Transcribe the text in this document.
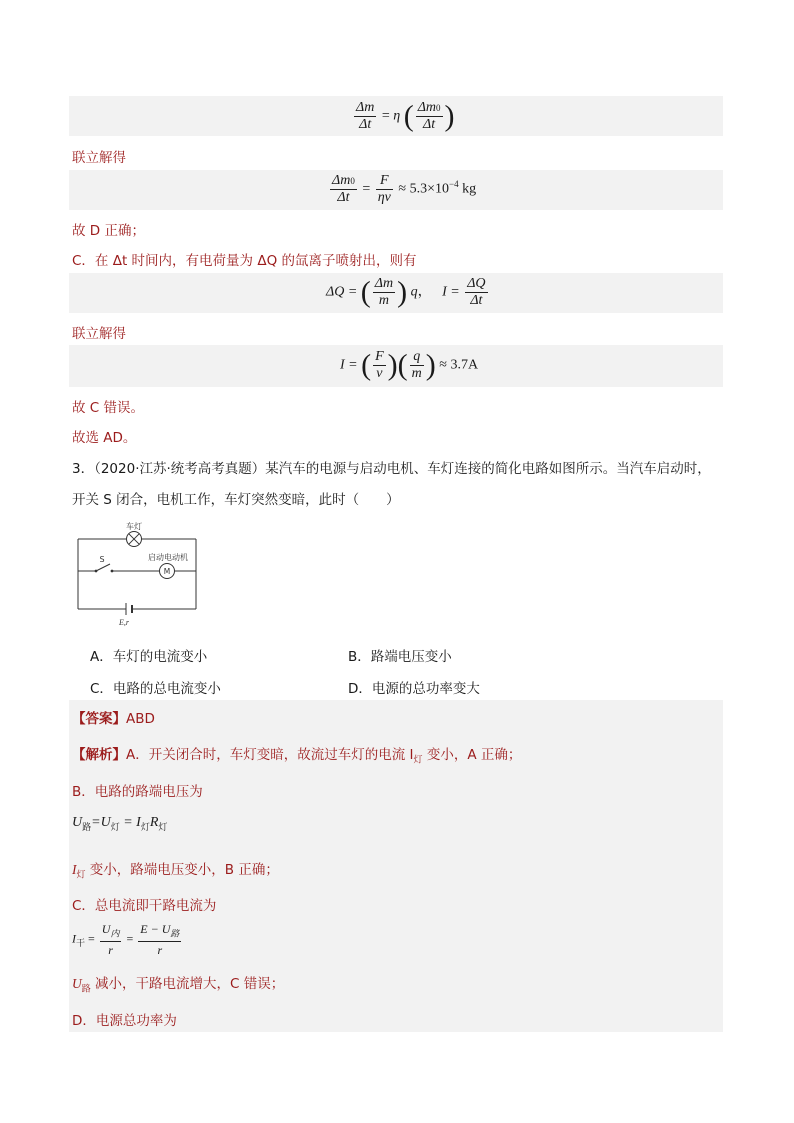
$\frac{\Delta m}{\Delta t} = \eta$ ( $\frac{\Delta m0}{\Delta t}$ )
联立解得
$\frac{\Delta m0}{\Delta t} = \frac{F}{\eta v} \approx 5.3\times 10^{-4}$ kg
故 D 正确；
C．在 Δt 时间内，有电荷量为 ΔQ 的氙离子喷射出，则有
ΔQ = ( $\frac{\Delta m}{m}$ ) q， $I = \frac{\Delta Q}{\Delta t}$
联立解得
I = ( $\frac{F}{v}$ )( $\frac{q}{m}$ ) ≈ 3.7A
故 C 错误。
故选 AD。
3．（2020·江苏·统考高考真题）某汽车的电源与启动电机、车灯连接的简化电路如图所示。当汽车启动时，
开关 S 闭合，电机工作，车灯突然变暗，此时（　　）
车灯
S	启动电动机
M
E,r
A．车灯的电流变小	B．路端电压变小
C．电路的总电流变小	D．电源的总功率变大
【答案】ABD
【解析】A．开关闭合时，车灯变暗，故流过车灯的电流 $I_灯$ 变小，A 正确；
B．电路的路端电压为
$U_路=U_灯 = I_灯R_灯$
$I_灯$ 变小，路端电压变小，B 正确；
C．总电流即干路电流为
$I_干 = \frac{U_内}{r} = \frac{E - U_路}{r}$
$U_路$ 减小，干路电流增大，C 错误；
D．电源总功率为
